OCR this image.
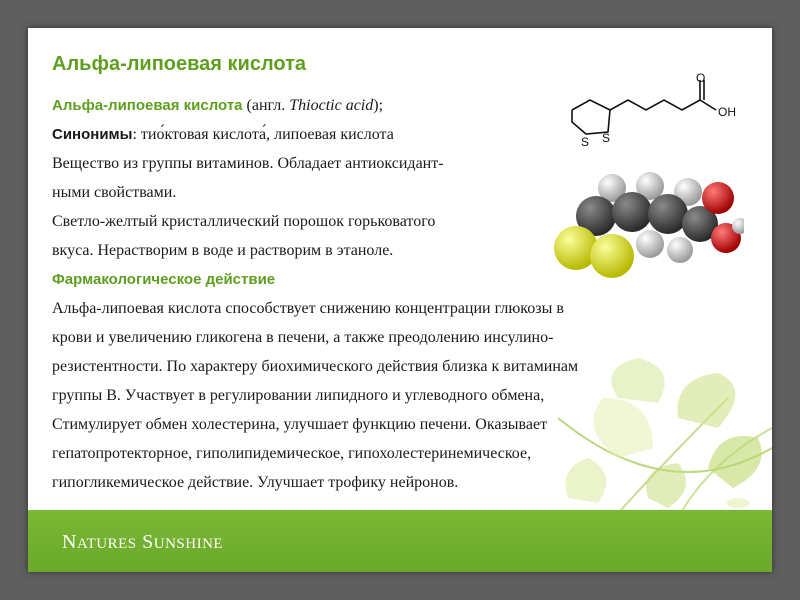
NATURES SUNSHINE
Альфа-липоевая кислота
O
OH
S S
Альфа-липоевая кислота (англ. Thioctic acid);
Синонимы: тио́ктовая кислота́, липоевая кислота
Вещество из группы витаминов. Обладает антиоксидант-
ными свойствами.
Светло-желтый кристаллический порошок горьковатого
вкуса. Нерастворим в воде и растворим в этаноле.
Фармакологическое действие
Альфа-липоевая кислота способствует снижению концентрации глюкозы в
крови и увеличению гликогена в печени, а также преодолению инсулино-
резистентности. По характеру биохимического действия близка к витаминам
группы В. Участвует в регулировании липидного и углеводного обмена,
Стимулирует обмен холестерина, улучшает функцию печени. Оказывает
гепатопротекторное, гиполипидемическое, гипохолестеринемическое,
гипогликемическое действие. Улучшает трофику нейронов.
